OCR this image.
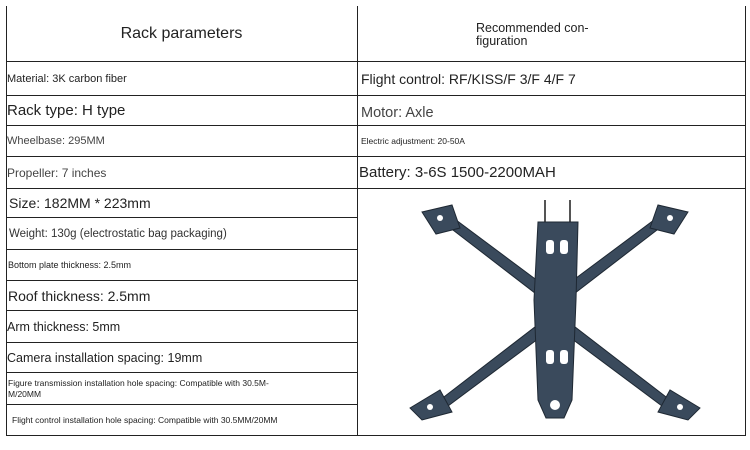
Rack parameters	Recommended con-
figuration
Material: 3K carbon fiber
Rack type: H type
Wheelbase: 295MM
Propeller: 7 inches
Size: 182MM * 223mm
Weight: 130g (electrostatic bag packaging)
Bottom plate thickness: 2.5mm
Roof thickness: 2.5mm
Arm thickness: 5mm
Camera installation spacing: 19mm
Figure transmission installation hole spacing: Compatible with 30.5M-
M/20MM
Flight control installation hole spacing: Compatible with 30.5MM/20MM
Flight control: RF/KISS/F 3/F 4/F 7
Motor: Axle
Electric adjustment: 20-50A
Battery: 3-6S 1500-2200MAH
